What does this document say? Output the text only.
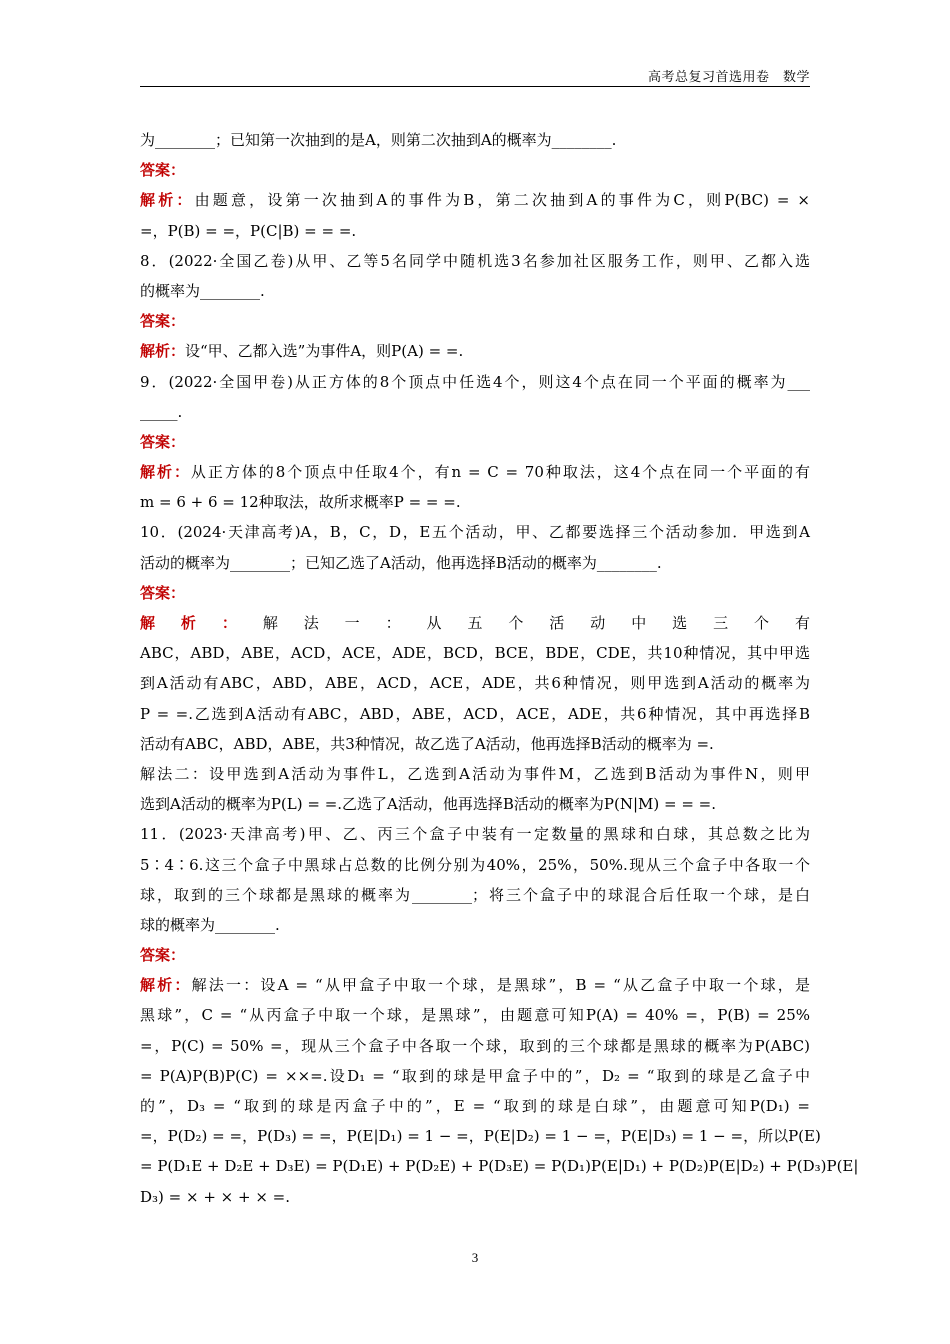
高考总复习首选用卷　数学
为________；已知第一次抽到的是A，则第二次抽到A的概率为________.
答案：
解析：由题意，设第一次抽到A的事件为B，第二次抽到A的事件为C，则P(BC) = ×
=，P(B) = =，P(C|B) = = =.
8．(2022·全国乙卷)从甲、乙等5名同学中随机选3名参加社区服务工作，则甲、乙都入选
的概率为________.
答案：
解析：设“甲、乙都入选”为事件A，则P(A) = =.
9．(2022·全国甲卷)从正方体的8个顶点中任选4个，则这4个点在同一个平面的概率为___
_____.
答案：
解析：从正方体的8个顶点中任取4个，有n = C = 70种取法，这4个点在同一个平面的有
m = 6 + 6 = 12种取法，故所求概率P = = =.
10．(2024·天津高考)A，B，C，D，E五个活动，甲、乙都要选择三个活动参加．甲选到A
活动的概率为________；已知乙选了A活动，他再选择B活动的概率为________.
答案：
解析：解法一：从五个活动中选三个有
ABC，ABD，ABE，ACD，ACE，ADE，BCD，BCE，BDE，CDE，共10种情况，其中甲选
到A活动有ABC，ABD，ABE，ACD，ACE，ADE，共6种情况，则甲选到A活动的概率为
P = =.乙选到A活动有ABC，ABD，ABE，ACD，ACE，ADE，共6种情况，其中再选择B
活动有ABC，ABD，ABE，共3种情况，故乙选了A活动，他再选择B活动的概率为 =.
解法二：设甲选到A活动为事件L，乙选到A活动为事件M，乙选到B活动为事件N，则甲
选到A活动的概率为P(L) = =.乙选了A活动，他再选择B活动的概率为P(N|M) = = =.
11．(2023·天津高考)甲、乙、丙三个盒子中装有一定数量的黑球和白球，其总数之比为
5∶4∶6.这三个盒子中黑球占总数的比例分别为40%，25%，50%.现从三个盒子中各取一个
球，取到的三个球都是黑球的概率为________；将三个盒子中的球混合后任取一个球，是白
球的概率为________.
答案：
解析：解法一：设A = “从甲盒子中取一个球，是黑球”，B = “从乙盒子中取一个球，是
黑球”，C = “从丙盒子中取一个球，是黑球”，由题意可知P(A) = 40% =，P(B) = 25%
=，P(C) = 50% =，现从三个盒子中各取一个球，取到的三个球都是黑球的概率为P(ABC)
= P(A)P(B)P(C) = ××=.设D₁ = “取到的球是甲盒子中的”，D₂ = “取到的球是乙盒子中
的”，D₃ = “取到的球是丙盒子中的”，E = “取到的球是白球”，由题意可知P(D₁) =
=，P(D₂) = =，P(D₃) = =，P(E|D₁) = 1 − =，P(E|D₂) = 1 − =，P(E|D₃) = 1 − =，所以P(E)
= P(D₁E + D₂E + D₃E) = P(D₁E) + P(D₂E) + P(D₃E) = P(D₁)P(E|D₁) + P(D₂)P(E|D₂) + P(D₃)P(E|
D₃) = × + × + × =.
3
